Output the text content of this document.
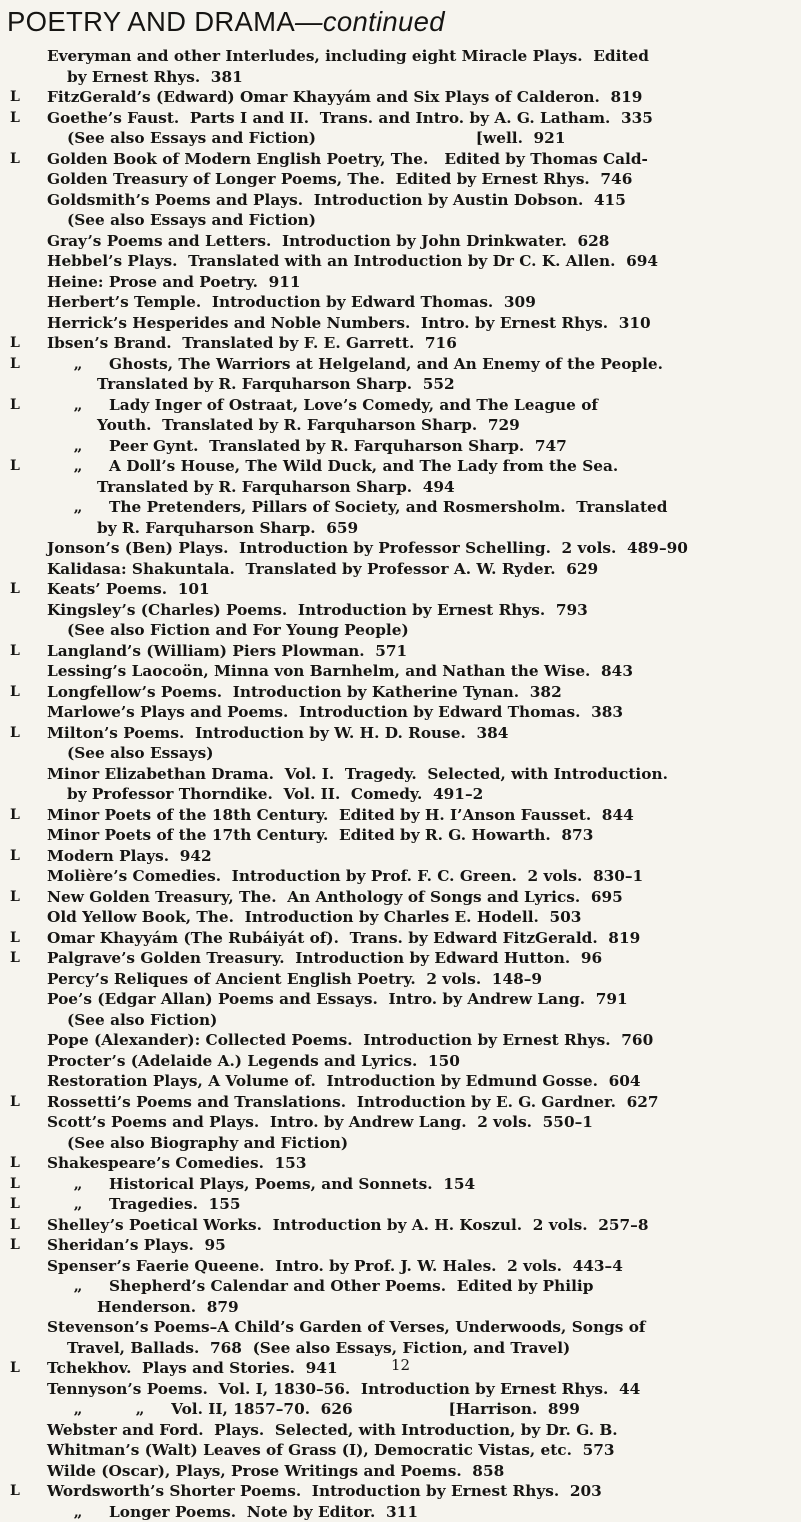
POETRY AND DRAMA—continued
Everyman and other Interludes, including eight Miracle Plays.  Edited
by Ernest Rhys.  381
L	FitzGerald’s (Edward) Omar Khayyám and Six Plays of Calderon.  819
L	Goethe’s Faust.  Parts I and II.  Trans. and Intro. by A. G. Latham.  335
(See also Essays and Fiction)                              [well.  921
L	Golden Book of Modern English Poetry, The.   Edited by Thomas Cald-
Golden Treasury of Longer Poems, The.  Edited by Ernest Rhys.  746
Goldsmith’s Poems and Plays.  Introduction by Austin Dobson.  415
(See also Essays and Fiction)
Gray’s Poems and Letters.  Introduction by John Drinkwater.  628
Hebbel’s Plays.  Translated with an Introduction by Dr C. K. Allen.  694
Heine: Prose and Poetry.  911
Herbert’s Temple.  Introduction by Edward Thomas.  309
Herrick’s Hesperides and Noble Numbers.  Intro. by Ernest Rhys.  310
L	Ibsen’s Brand.  Translated by F. E. Garrett.  716
L	„     Ghosts, The Warriors at Helgeland, and An Enemy of the People.
Translated by R. Farquharson Sharp.  552
L	„     Lady Inger of Ostraat, Love’s Comedy, and The League of
Youth.  Translated by R. Farquharson Sharp.  729
„     Peer Gynt.  Translated by R. Farquharson Sharp.  747
L	„     A Doll’s House, The Wild Duck, and The Lady from the Sea.
Translated by R. Farquharson Sharp.  494
„     The Pretenders, Pillars of Society, and Rosmersholm.  Translated
by R. Farquharson Sharp.  659
Jonson’s (Ben) Plays.  Introduction by Professor Schelling.  2 vols.  489–90
Kalidasa: Shakuntala.  Translated by Professor A. W. Ryder.  629
L	Keats’ Poems.  101
Kingsley’s (Charles) Poems.  Introduction by Ernest Rhys.  793
(See also Fiction and For Young People)
L	Langland’s (William) Piers Plowman.  571
Lessing’s Laocoön, Minna von Barnhelm, and Nathan the Wise.  843
L	Longfellow’s Poems.  Introduction by Katherine Tynan.  382
Marlowe’s Plays and Poems.  Introduction by Edward Thomas.  383
L	Milton’s Poems.  Introduction by W. H. D. Rouse.  384
(See also Essays)
Minor Elizabethan Drama.  Vol. I.  Tragedy.  Selected, with Introduction.
by Professor Thorndike.  Vol. II.  Comedy.  491–2
L	Minor Poets of the 18th Century.  Edited by H. I’Anson Fausset.  844
Minor Poets of the 17th Century.  Edited by R. G. Howarth.  873
L	Modern Plays.  942
Molière’s Comedies.  Introduction by Prof. F. C. Green.  2 vols.  830–1
L	New Golden Treasury, The.  An Anthology of Songs and Lyrics.  695
Old Yellow Book, The.  Introduction by Charles E. Hodell.  503
L	Omar Khayyám (The Rubáiyát of).  Trans. by Edward FitzGerald.  819
L	Palgrave’s Golden Treasury.  Introduction by Edward Hutton.  96
Percy’s Reliques of Ancient English Poetry.  2 vols.  148–9
Poe’s (Edgar Allan) Poems and Essays.  Intro. by Andrew Lang.  791
(See also Fiction)
Pope (Alexander): Collected Poems.  Introduction by Ernest Rhys.  760
Procter’s (Adelaide A.) Legends and Lyrics.  150
Restoration Plays, A Volume of.  Introduction by Edmund Gosse.  604
L	Rossetti’s Poems and Translations.  Introduction by E. G. Gardner.  627
Scott’s Poems and Plays.  Intro. by Andrew Lang.  2 vols.  550–1
(See also Biography and Fiction)
L	Shakespeare’s Comedies.  153
L	„     Historical Plays, Poems, and Sonnets.  154
L	„     Tragedies.  155
L	Shelley’s Poetical Works.  Introduction by A. H. Koszul.  2 vols.  257–8
L	Sheridan’s Plays.  95
Spenser’s Faerie Queene.  Intro. by Prof. J. W. Hales.  2 vols.  443–4
„     Shepherd’s Calendar and Other Poems.  Edited by Philip
Henderson.  879
Stevenson’s Poems–A Child’s Garden of Verses, Underwoods, Songs of
Travel, Ballads.  768  (See also Essays, Fiction, and Travel)
L	Tchekhov.  Plays and Stories.  941
Tennyson’s Poems.  Vol. I, 1830–56.  Introduction by Ernest Rhys.  44
„          „     Vol. II, 1857–70.  626                  [Harrison.  899
Webster and Ford.  Plays.  Selected, with Introduction, by Dr. G. B.
Whitman’s (Walt) Leaves of Grass (I), Democratic Vistas, etc.  573
Wilde (Oscar), Plays, Prose Writings and Poems.  858
L	Wordsworth’s Shorter Poems.  Introduction by Ernest Rhys.  203
„     Longer Poems.  Note by Editor.  311
12
